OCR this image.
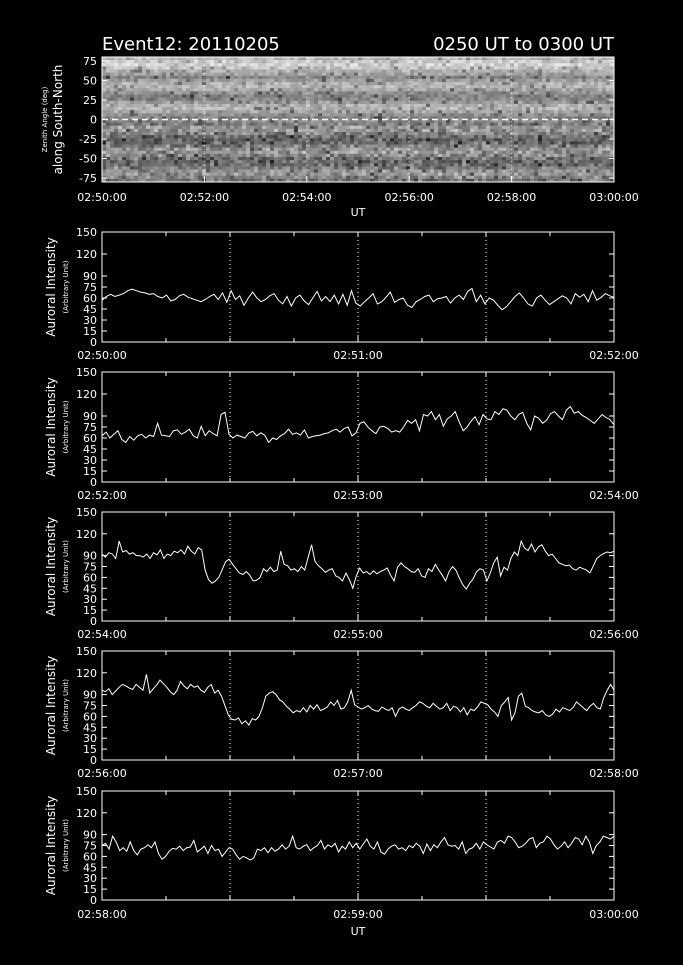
Event12: 20110205	0250 UT to 0300 UT
02:50:00	02:52:00	02:54:00	02:56:00	02:58:00	03:00:00
75
50
25
0
-25
-50
-75
UT
Zenith Angle (deg) along South-North
150
120
90
75
60
45
30
15
0
02:50:00	02:51:00	02:52:00
Auroral Intensity (Arbitrary Unit)
150
120
90
75
60
45
30
15
0
02:52:00	02:53:00	02:54:00
Auroral Intensity (Arbitrary Unit)
150
120
90
75
60
45
30
15
0
02:54:00	02:55:00	02:56:00
Auroral Intensity (Arbitrary Unit)
150
120
90
75
60
45
30
15
0
02:56:00	02:57:00	02:58:00
Auroral Intensity (Arbitrary Unit)
150
120
90
75
60
45
30
15
0
02:58:00	02:59:00	03:00:00
Auroral Intensity (Arbitrary Unit)
UT
